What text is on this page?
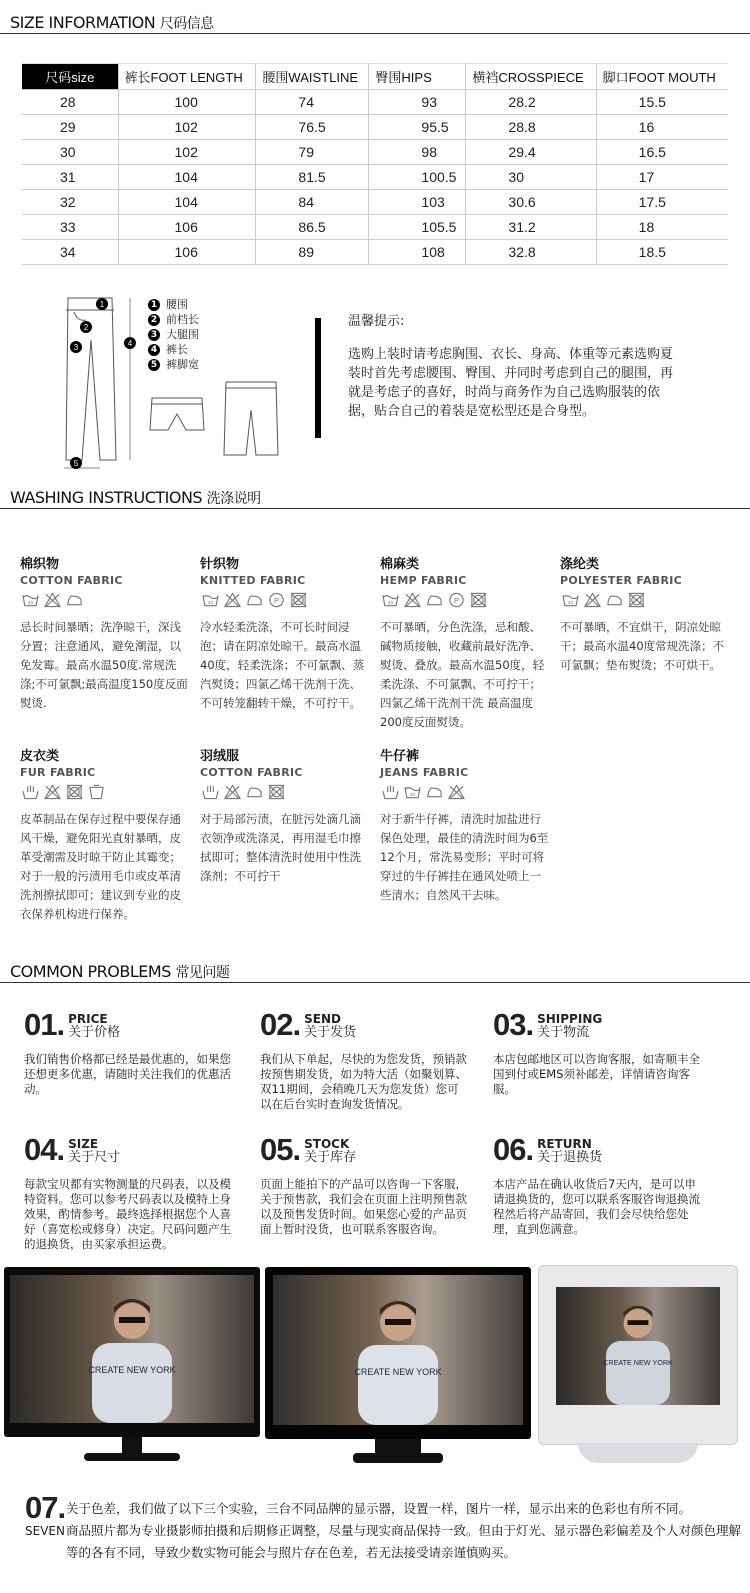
SIZE INFORMATION 尺码信息
尺码size	裤长FOOT LENGTH	腰围WAISTLINE	臀围HIPS	横裆CROSSPIECE	脚口FOOT MOUTH
28	100	74	93	28.2	15.5
29	102	76.5	95.5	28.8	16
30	102	79	98	29.4	16.5
31	104	81.5	100.5	30	17
32	104	84	103	30.6	17.5
33	106	86.5	105.5	31.2	18
34	106	89	108	32.8	18.5
1
2
3	4
5
1 腰围
2 前档长
3 大腿围
4 裤长
5 裤脚宽
温馨提示:
选购上装时请考虑胸围、衣长、身高、体重等元素选购夏装时首先考虑腰围、臀围、并同时考虑到自己的腿围，再就是考虑子的喜好，时尚与商务作为自己选购服装的依据，贴合自己的着装是宽松型还是合身型。
WASHING INSTRUCTIONS 洗涤说明
棉织物
COTTON FABRIC
40
忌长时间暴晒；洗净晾干，深浅分置；注意通风，避免潮湿，以免发霉。最高水温50度.常规洗涤;不可氯飘;最高温度150度反面熨烫.
针织物
KNITTED FABRIC
40	P
冷水轻柔洗涤，不可长时间浸泡；请在阴凉处晾干。最高水温40度，轻柔洗涤；不可氯飘、蒸汽熨烫；四氯乙烯干洗剂干洗、不可转笼翻转干燥，不可拧干。
棉麻类
HEMP FABRIC
40	P
不可暴晒，分色洗涤，忌和酸、碱物质接触，收藏前最好洗净、熨烫、叠放。最高水温50度，轻柔洗涤、不可氯飘、不可拧干；四氯乙烯干洗剂干洗 最高温度200度反面熨烫。
涤纶类
POLYESTER FABRIC
40
不可暴晒，不宜烘干，阴凉处晾干；最高水温40度常规洗涤；不可氯飘；垫布熨烫；不可烘干。
皮衣类
FUR FABRIC
皮革制品在保存过程中要保存通风干燥，避免阳光直射暴晒，皮革受潮需及时晾干防止其霉变；对于一般的污渍用毛巾或皮革清洗剂擦拭即可；建议到专业的皮衣保养机构进行保养。
羽绒服
COTTON FABRIC
对于局部污渍，在脏污处滴几滴衣领净或洗涤灵，再用湿毛巾擦拭即可；整体清洗时使用中性洗涤剂；不可拧干
牛仔裤
JEANS FABRIC
40
对于新牛仔裤，清洗时加盐进行保色处理，最佳的清洗时间为6至12个月，常洗易变形；平时可将穿过的牛仔裤挂在通风处喷上一些清水；自然风干去味。
COMMON PROBLEMS 常见问题
01. PRICE
关于价格
我们销售价格都已经是最优惠的，如果您还想更多优惠，请随时关注我们的优惠活动。
02. SEND
关于发货
我们从下单起，尽快的为您发货，预销款按预售期发货，如为特大活（如聚划算、双11期间，会稍晚几天为您发货）您可以在后台实时查询发货情况。
03. SHIPPING
关于物流
本店包邮地区可以咨询客服，如寄顺丰全国到付或EMS须补邮差，详情请咨询客服。
04. SIZE
关于尺寸
每款宝贝都有实物测量的尺码表，以及模特资料。您可以参考尺码表以及模特上身效果，酌情参考。最终选择根据您个人喜好（喜宽松或修身）决定。尺码问题产生的退换货，由买家承担运费。
05. STOCK
关于库存
页面上能拍下的产品可以咨询一下客服，关于预售款，我们会在页面上注明预售款以及预售发货时间。如果您心爱的产品页面上暂时没货，也可联系客服咨询。
06. RETURN
关于退换货
本店产品在确认收货后7天内，是可以申请退换货的，您可以联系客服咨询退换流程然后将产品寄回，我们会尽快给您处理，直到您满意。
CREATE NEW YORK	CREATE NEW YORK
CREATE NEW YORK
07.
SEVEN
关于色差，我们做了以下三个实验，三台不同品牌的显示器，设置一样，图片一样，显示出来的色彩也有所不同。
商品照片都为专业摄影师拍摄和后期修正调整，尽量与现实商品保持一致。但由于灯光、显示器色彩偏差及个人对颜色理解等的各有不同，导致少数实物可能会与照片存在色差，若无法接受请亲谨慎购买。
